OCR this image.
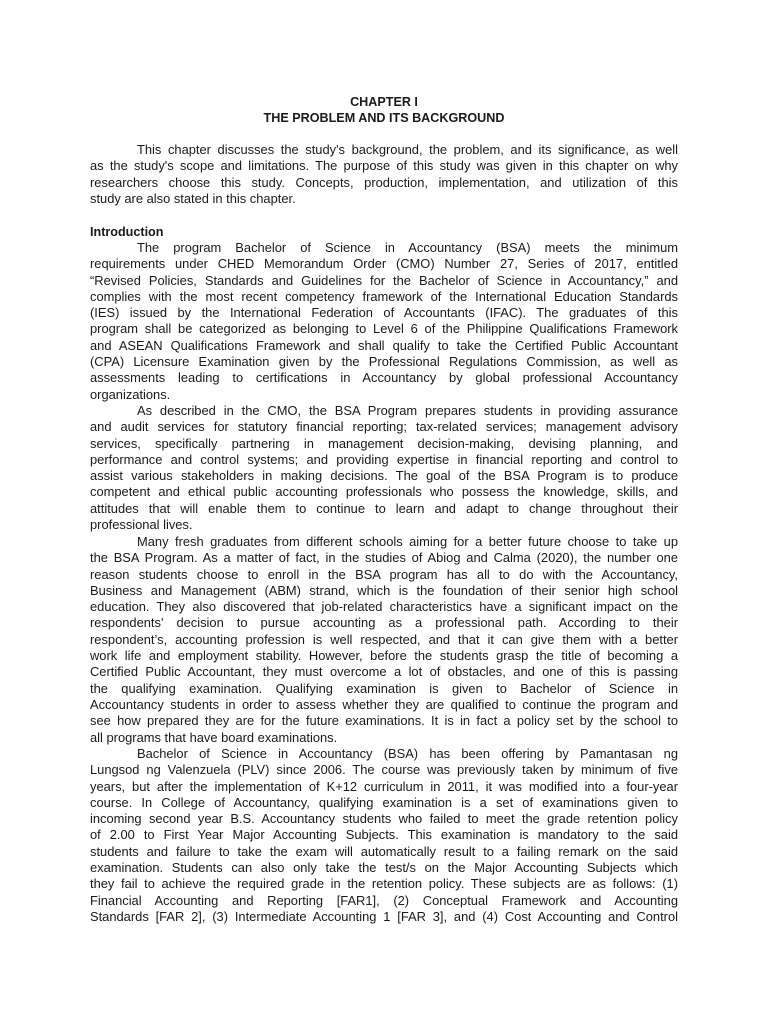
CHAPTER I
THE PROBLEM AND ITS BACKGROUND
This chapter discusses the study's background, the problem, and its significance, as well
as the study's scope and limitations. The purpose of this study was given in this chapter on why
researchers choose this study. Concepts, production, implementation, and utilization of this
study are also stated in this chapter.
Introduction
The program Bachelor of Science in Accountancy (BSA) meets the minimum
requirements under CHED Memorandum Order (CMO) Number 27, Series of 2017, entitled
“Revised Policies, Standards and Guidelines for the Bachelor of Science in Accountancy,” and
complies with the most recent competency framework of the International Education Standards
(IES) issued by the International Federation of Accountants (IFAC). The graduates of this
program shall be categorized as belonging to Level 6 of the Philippine Qualifications Framework
and ASEAN Qualifications Framework and shall qualify to take the Certified Public Accountant
(CPA) Licensure Examination given by the Professional Regulations Commission, as well as
assessments leading to certifications in Accountancy by global professional Accountancy
organizations.
As described in the CMO, the BSA Program prepares students in providing assurance
and audit services for statutory financial reporting; tax-related services; management advisory
services, specifically partnering in management decision-making, devising planning, and
performance and control systems; and providing expertise in financial reporting and control to
assist various stakeholders in making decisions. The goal of the BSA Program is to produce
competent and ethical public accounting professionals who possess the knowledge, skills, and
attitudes that will enable them to continue to learn and adapt to change throughout their
professional lives.
Many fresh graduates from different schools aiming for a better future choose to take up
the BSA Program. As a matter of fact, in the studies of Abiog and Calma (2020), the number one
reason students choose to enroll in the BSA program has all to do with the Accountancy,
Business and Management (ABM) strand, which is the foundation of their senior high school
education. They also discovered that job-related characteristics have a significant impact on the
respondents' decision to pursue accounting as a professional path. According to their
respondent’s, accounting profession is well respected, and that it can give them with a better
work life and employment stability. However, before the students grasp the title of becoming a
Certified Public Accountant, they must overcome a lot of obstacles, and one of this is passing
the qualifying examination. Qualifying examination is given to Bachelor of Science in
Accountancy students in order to assess whether they are qualified to continue the program and
see how prepared they are for the future examinations. It is in fact a policy set by the school to
all programs that have board examinations.
Bachelor of Science in Accountancy (BSA) has been offering by Pamantasan ng
Lungsod ng Valenzuela (PLV) since 2006. The course was previously taken by minimum of five
years, but after the implementation of K+12 curriculum in 2011, it was modified into a four-year
course. In College of Accountancy, qualifying examination is a set of examinations given to
incoming second year B.S. Accountancy students who failed to meet the grade retention policy
of 2.00 to First Year Major Accounting Subjects. This examination is mandatory to the said
students and failure to take the exam will automatically result to a failing remark on the said
examination. Students can also only take the test/s on the Major Accounting Subjects which
they fail to achieve the required grade in the retention policy. These subjects are as follows: (1)
Financial Accounting and Reporting [FAR1], (2) Conceptual Framework and Accounting
Standards [FAR 2], (3) Intermediate Accounting 1 [FAR 3], and (4) Cost Accounting and Control
